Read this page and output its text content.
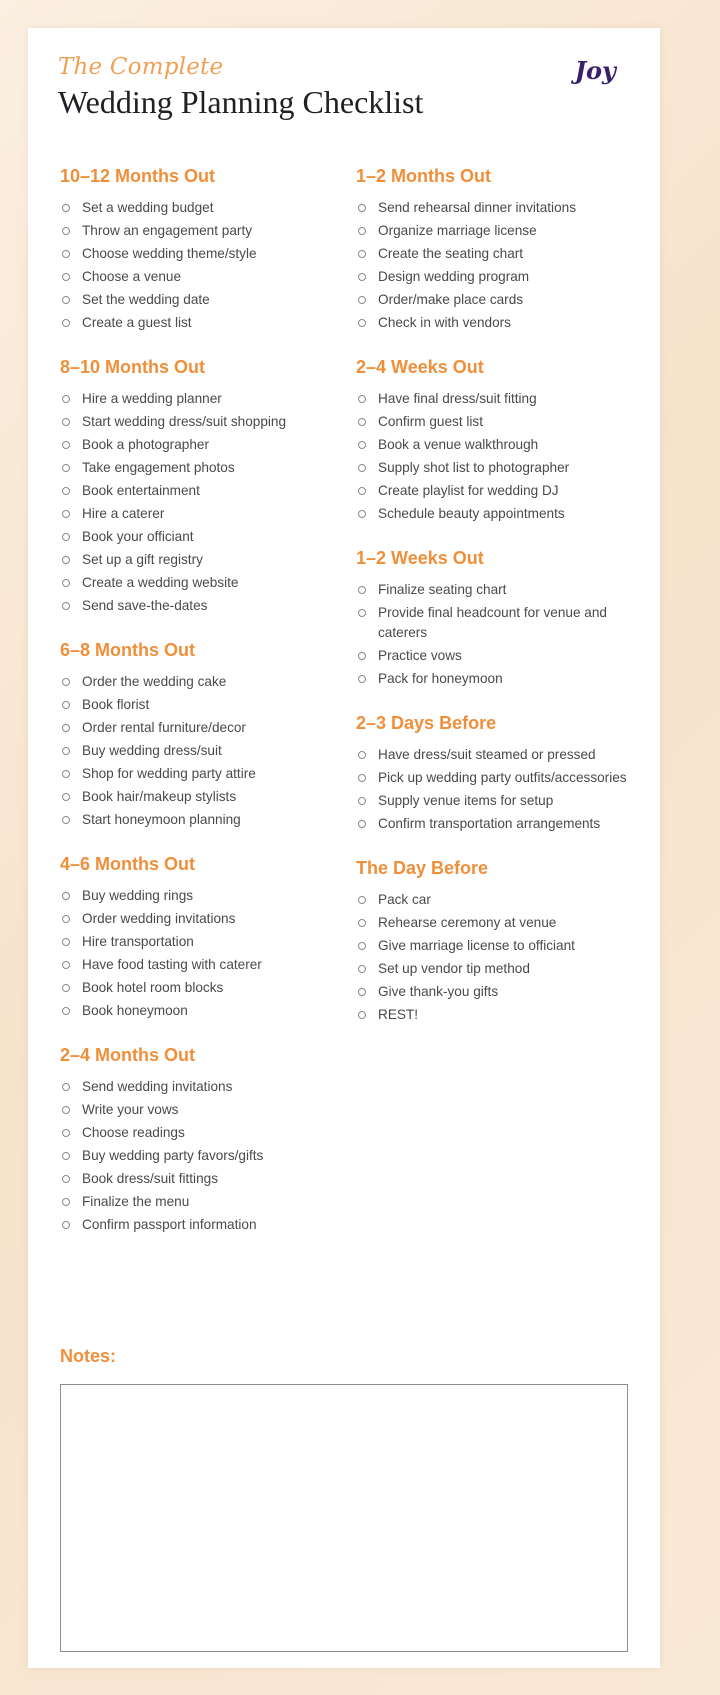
The Complete
Wedding Planning Checklist
Joy
10–12 Months Out
Set a wedding budget
Throw an engagement party
Choose wedding theme/style
Choose a venue
Set the wedding date
Create a guest list
8–10 Months Out
Hire a wedding planner
Start wedding dress/suit shopping
Book a photographer
Take engagement photos
Book entertainment
Hire a caterer
Book your officiant
Set up a gift registry
Create a wedding website
Send save-the-dates
6–8 Months Out
Order the wedding cake
Book florist
Order rental furniture/decor
Buy wedding dress/suit
Shop for wedding party attire
Book hair/makeup stylists
Start honeymoon planning
4–6 Months Out
Buy wedding rings
Order wedding invitations
Hire transportation
Have food tasting with caterer
Book hotel room blocks
Book honeymoon
2–4 Months Out
Send wedding invitations
Write your vows
Choose readings
Buy wedding party favors/gifts
Book dress/suit fittings
Finalize the menu
Confirm passport information
1–2 Months Out
Send rehearsal dinner invitations
Organize marriage license
Create the seating chart
Design wedding program
Order/make place cards
Check in with vendors
2–4 Weeks Out
Have final dress/suit fitting
Confirm guest list
Book a venue walkthrough
Supply shot list to photographer
Create playlist for wedding DJ
Schedule beauty appointments
1–2 Weeks Out
Finalize seating chart
Provide final headcount for venue and caterers
Practice vows
Pack for honeymoon
2–3 Days Before
Have dress/suit steamed or pressed
Pick up wedding party outfits/accessories
Supply venue items for setup
Confirm transportation arrangements
The Day Before
Pack car
Rehearse ceremony at venue
Give marriage license to officiant
Set up vendor tip method
Give thank-you gifts
REST!
Notes:
